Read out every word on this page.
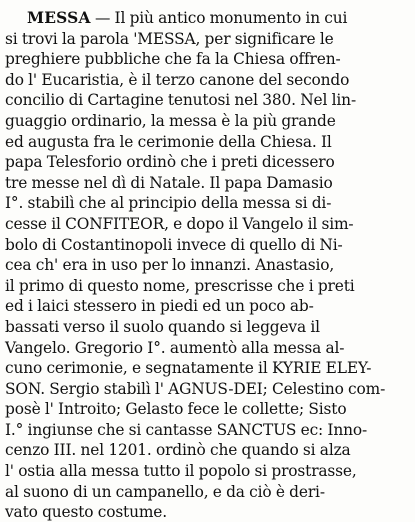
MESSA — Il più antico monumento in cui
si trovi la parola 'MESSA, per significare le
preghiere pubbliche che fa la Chiesa offren-
do l' Eucaristia, è il terzo canone del secondo
concilio di Cartagine tenutosi nel 380. Nel lin-
guaggio ordinario, la messa è la più grande
ed augusta fra le cerimonie della Chiesa. Il
papa Telesforio ordinò che i preti dicessero
tre messe nel dì di Natale. Il papa Damasio
I°. stabilì che al principio della messa si di-
cesse il CONFITEOR, e dopo il Vangelo il sim-
bolo di Costantinopoli invece di quello di Ni-
cea ch' era in uso per lo innanzi. Anastasio,
il primo di questo nome, prescrisse che i preti
ed i laici stessero in piedi ed un poco ab-
bassati verso il suolo quando si leggeva il
Vangelo. Gregorio I°. aumentò alla messa al-
cuno cerimonie, e segnatamente il KYRIE ELEY-
SON. Sergio stabilì l' AGNUS-DEI; Celestino com-
posè l' Introito; Gelasto fece le collette; Sisto
I.° ingiunse che si cantasse SANCTUS ec: Inno-
cenzo III. nel 1201. ordinò che quando si alza
l' ostia alla messa tutto il popolo si prostrasse,
al suono di un campanello, e da ciò è deri-
vato questo costume.
